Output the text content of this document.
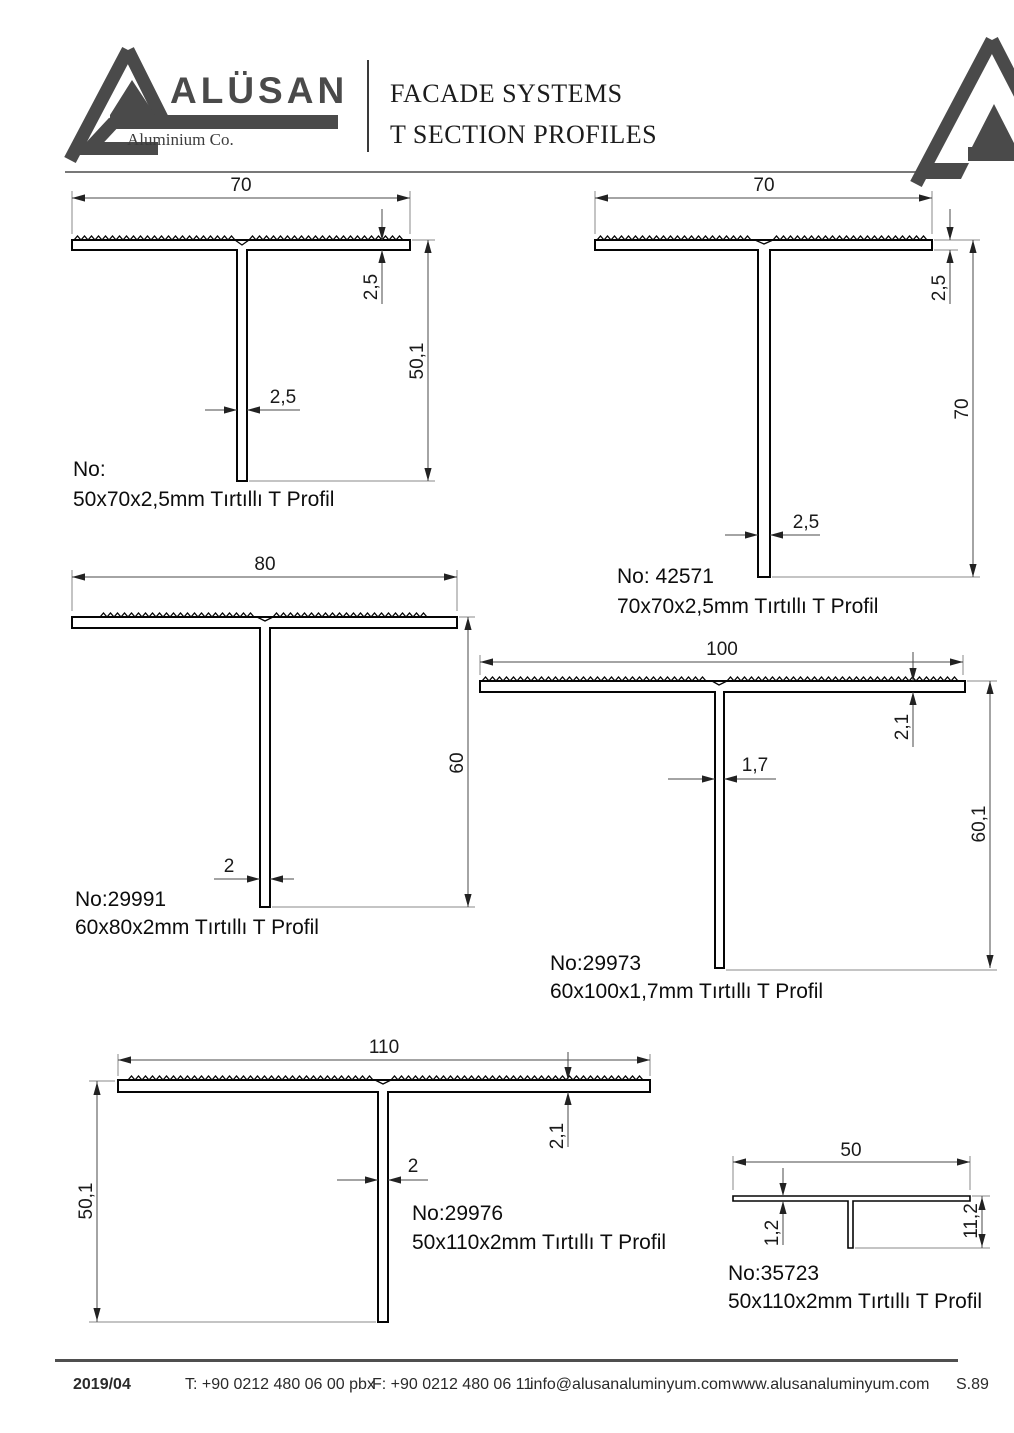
ALÜSAN
Aluminium Co.
FACADE SYSTEMS
T SECTION PROFILES
70
2,5
50,1
2,5
No:
50x70x2,5mm Tırtıllı T Profil
70
2,5
70
2,5
No: 42571
70x70x2,5mm Tırtıllı T Profil
80
60
2
No:29991
60x80x2mm Tırtıllı T Profil
100
2,1
1,7
60,1
No:29973
60x100x1,7mm Tırtıllı T Profil
110
2,1
2
50,1	No:29976
50x110x2mm Tırtıllı T Profil
50
1,2	11,2
No:35723
50x110x2mm Tırtıllı T Profil
2019/04	T: +90 0212 480 06 00 pbx
F: +90 0212 480 06 11
info@alusanaluminyum.com www.alusanaluminyum.com S.89
